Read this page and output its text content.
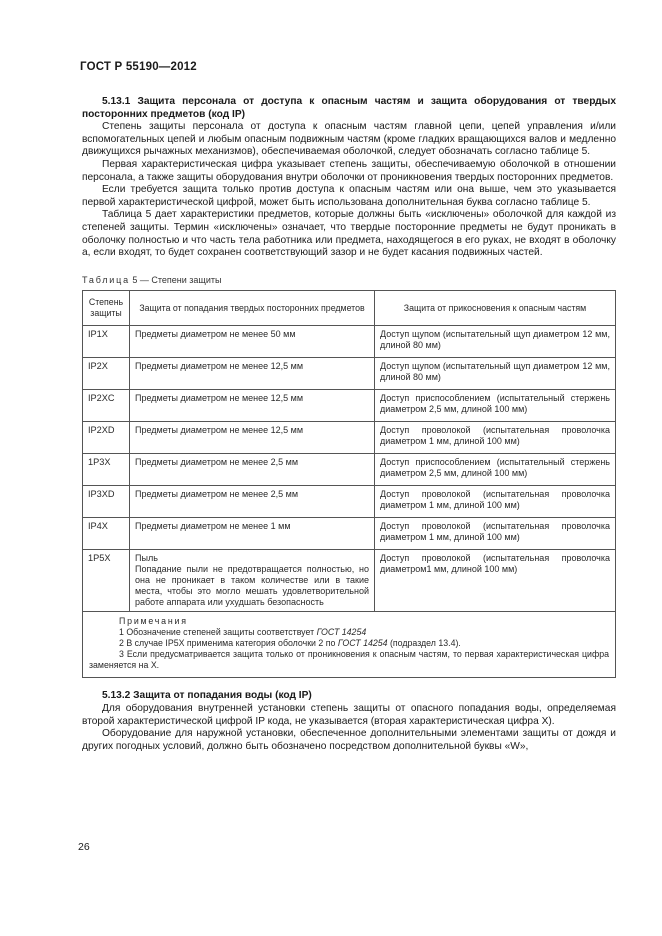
ГОСТ Р 55190—2012

5.13.1 Защита персонала от доступа к опасным частям и защита оборудования от твердых посторонних предметов (код IP)

Степень защиты персонала от доступа к опасным частям главной цепи, цепей управления и/или вспомогательных цепей и любым опасным подвижным частям (кроме гладких вращающихся валов и медленно движущихся рычажных механизмов), обеспечиваемая оболочкой, следует обозначать согласно таблице 5.

Первая характеристическая цифра указывает степень защиты, обеспечиваемую оболочкой в отношении персонала, а также защиты оборудования внутри оболочки от проникновения твердых посторонних предметов.

Если требуется защита только против доступа к опасным частям или она выше, чем это указывается первой характеристической цифрой, может быть использована дополнительная буква согласно таблице 5.

Таблица 5 дает характеристики предметов, которые должны быть «исключены» оболочкой для каждой из степеней защиты. Термин «исключены» означает, что твердые посторонние предметы не будут проникать в оболочку полностью и что часть тела работника или предмета, находящегося в его руках, не входят в оболочку а, если входят, то будет сохранен соответствующий зазор и не будет касания подвижных частей.

Таблица 5 — Степени защиты
Степень защиты	Защита от попадания твердых посторонних предметов	Защита от прикосновения к опасным частям
IP1X	Предметы диаметром не менее 50 мм	Доступ щупом (испытательный щуп диаметром 12 мм, длиной 80 мм)
IP2X	Предметы диаметром не менее 12,5 мм	Доступ щупом (испытательный щуп диаметром 12 мм, длиной 80 мм)
IP2XC	Предметы диаметром не менее 12,5 мм	Доступ приспособлением (испытательный стержень диаметром 2,5 мм, длиной 100 мм)
IP2XD	Предметы диаметром не менее 12,5 мм	Доступ проволокой (испытательная проволочка диаметром 1 мм, длиной 100 мм)
1P3X	Предметы диаметром не менее 2,5 мм	Доступ приспособлением (испытательный стержень диаметром 2,5 мм, длиной 100 мм)
IP3XD	Предметы диаметром не менее 2,5 мм	Доступ проволокой (испытательная проволочка диаметром 1 мм, длиной 100 мм)
IP4X	Предметы диаметром не менее 1 мм	Доступ проволокой (испытательная проволочка диаметром 1 мм, длиной 100 мм)
1P5X	Пыль
Попадание пыли не предотвращается полностью, но она не проникает в таком количестве или в такие места, чтобы это могло мешать удовлетворительной работе аппарата или ухудшать безопасность	Доступ проволокой (испытательная проволочка диаметром1 мм, длиной 100 мм)

Примечания

1 Обозначение степеней защиты соответствует ГОСТ 14254

2 В случае IP5X применима категория оболочки 2 по ГОСТ 14254 (подраздел 13.4).

3 Если предусматривается защита только от проникновения к опасным частям, то первая характеристическая цифра заменяется на X.		

5.13.2 Защита от попадания воды (код IP)

Для оборудования внутренней установки степень защиты от опасного попадания воды, определяемая второй характеристической цифрой IP кода, не указывается (вторая характеристическая цифра X).

Оборудование для наружной установки, обеспеченное дополнительными элементами защиты от дождя и других погодных условий, должно быть обозначено посредством дополнительной буквы «W»,

26
